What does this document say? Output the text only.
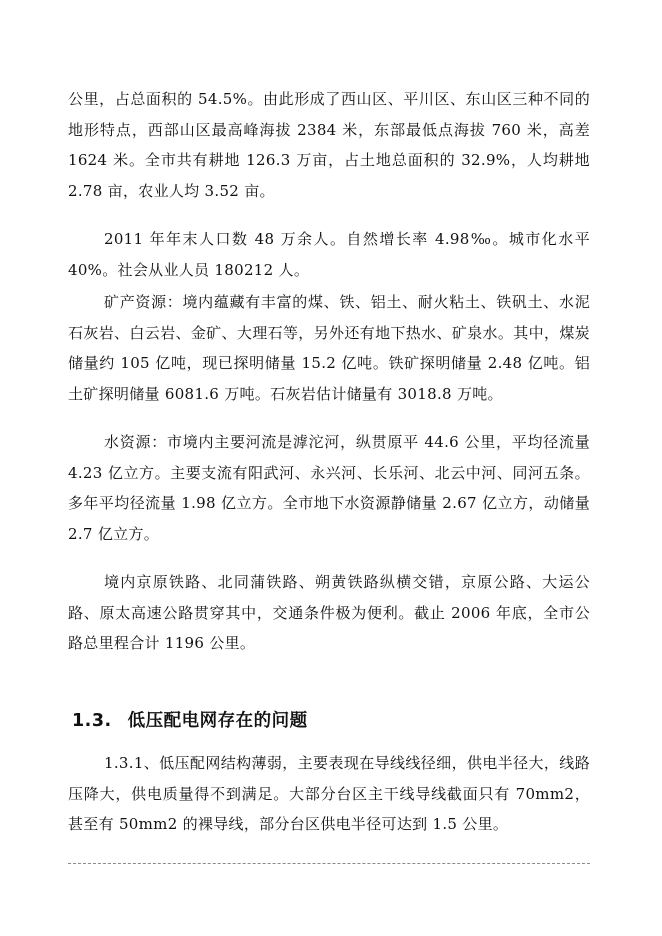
公里，占总面积的 54.5%。由此形成了西山区、平川区、东山区三种不同的地形特点，西部山区最高峰海拔 2384 米，东部最低点海拔 760 米，高差 1624 米。全市共有耕地 126.3 万亩，占土地总面积的 32.9%，人均耕地 2.78 亩，农业人均 3.52 亩。

2011 年年末人口数 48 万余人。自然增长率 4.98‰。城市化水平 40%。社会从业人员 180212 人。

矿产资源：境内蕴藏有丰富的煤、铁、铝土、耐火粘土、铁矾土、水泥石灰岩、白云岩、金矿、大理石等，另外还有地下热水、矿泉水。其中，煤炭储量约 105 亿吨，现已探明储量 15.2 亿吨。铁矿探明储量 2.48 亿吨。铝土矿探明储量 6081.6 万吨。石灰岩估计储量有 3018.8 万吨。

水资源：市境内主要河流是滹沱河，纵贯原平 44.6 公里，平均径流量 4.23 亿立方。主要支流有阳武河、永兴河、长乐河、北云中河、同河五条。多年平均径流量 1.98 亿立方。全市地下水资源静储量 2.67 亿立方，动储量 2.7 亿立方。

境内京原铁路、北同蒲铁路、朔黄铁路纵横交错，京原公路、大运公路、原太高速公路贯穿其中，交通条件极为便利。截止 2006 年底，全市公路总里程合计 1196 公里。

1.3. 低压配电网存在的问题

1.3.1、低压配网结构薄弱，主要表现在导线线径细，供电半径大，线路压降大，供电质量得不到满足。大部分台区主干线导线截面只有 70mm2，甚至有 50mm2 的裸导线，部分台区供电半径可达到 1.5 公里。
